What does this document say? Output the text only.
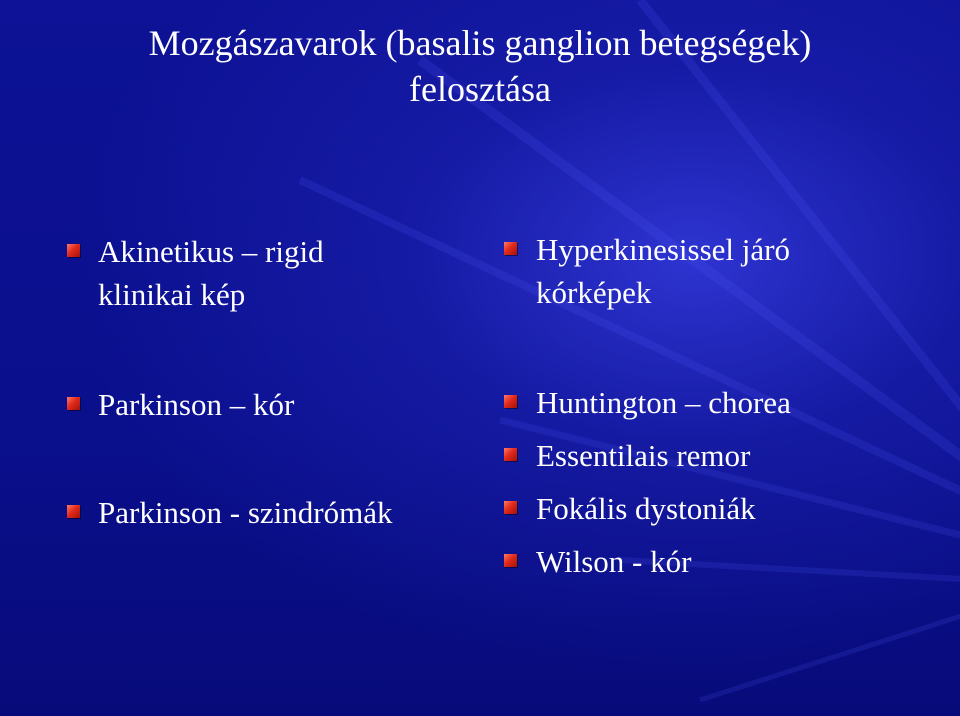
Mozgászavarok (basalis ganglion betegségek)
felosztása
Akinetikus – rigid
klinikai kép
Parkinson – kór
Parkinson - szindrómák
Hyperkinesissel járó
kórképek
Huntington – chorea
Essentilais remor
Fokális dystoniák
Wilson - kór
